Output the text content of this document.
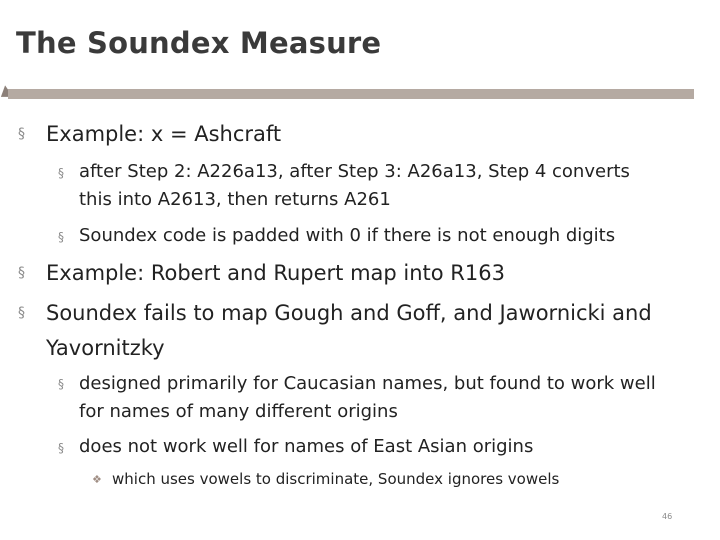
The Soundex Measure
§ Example: x = Ashcraft
§ after Step 2: A226a13, after Step 3: A26a13, Step 4 converts
this into A2613, then returns A261
§ Soundex code is padded with 0 if there is not enough digits
§ Example: Robert and Rupert map into R163
§ Soundex fails to map Gough and Goff, and Jawornicki and
Yavornitzky
§ designed primarily for Caucasian names, but found to work well
for names of many different origins
§ does not work well for names of East Asian origins
❖ which uses vowels to discriminate, Soundex ignores vowels
46
